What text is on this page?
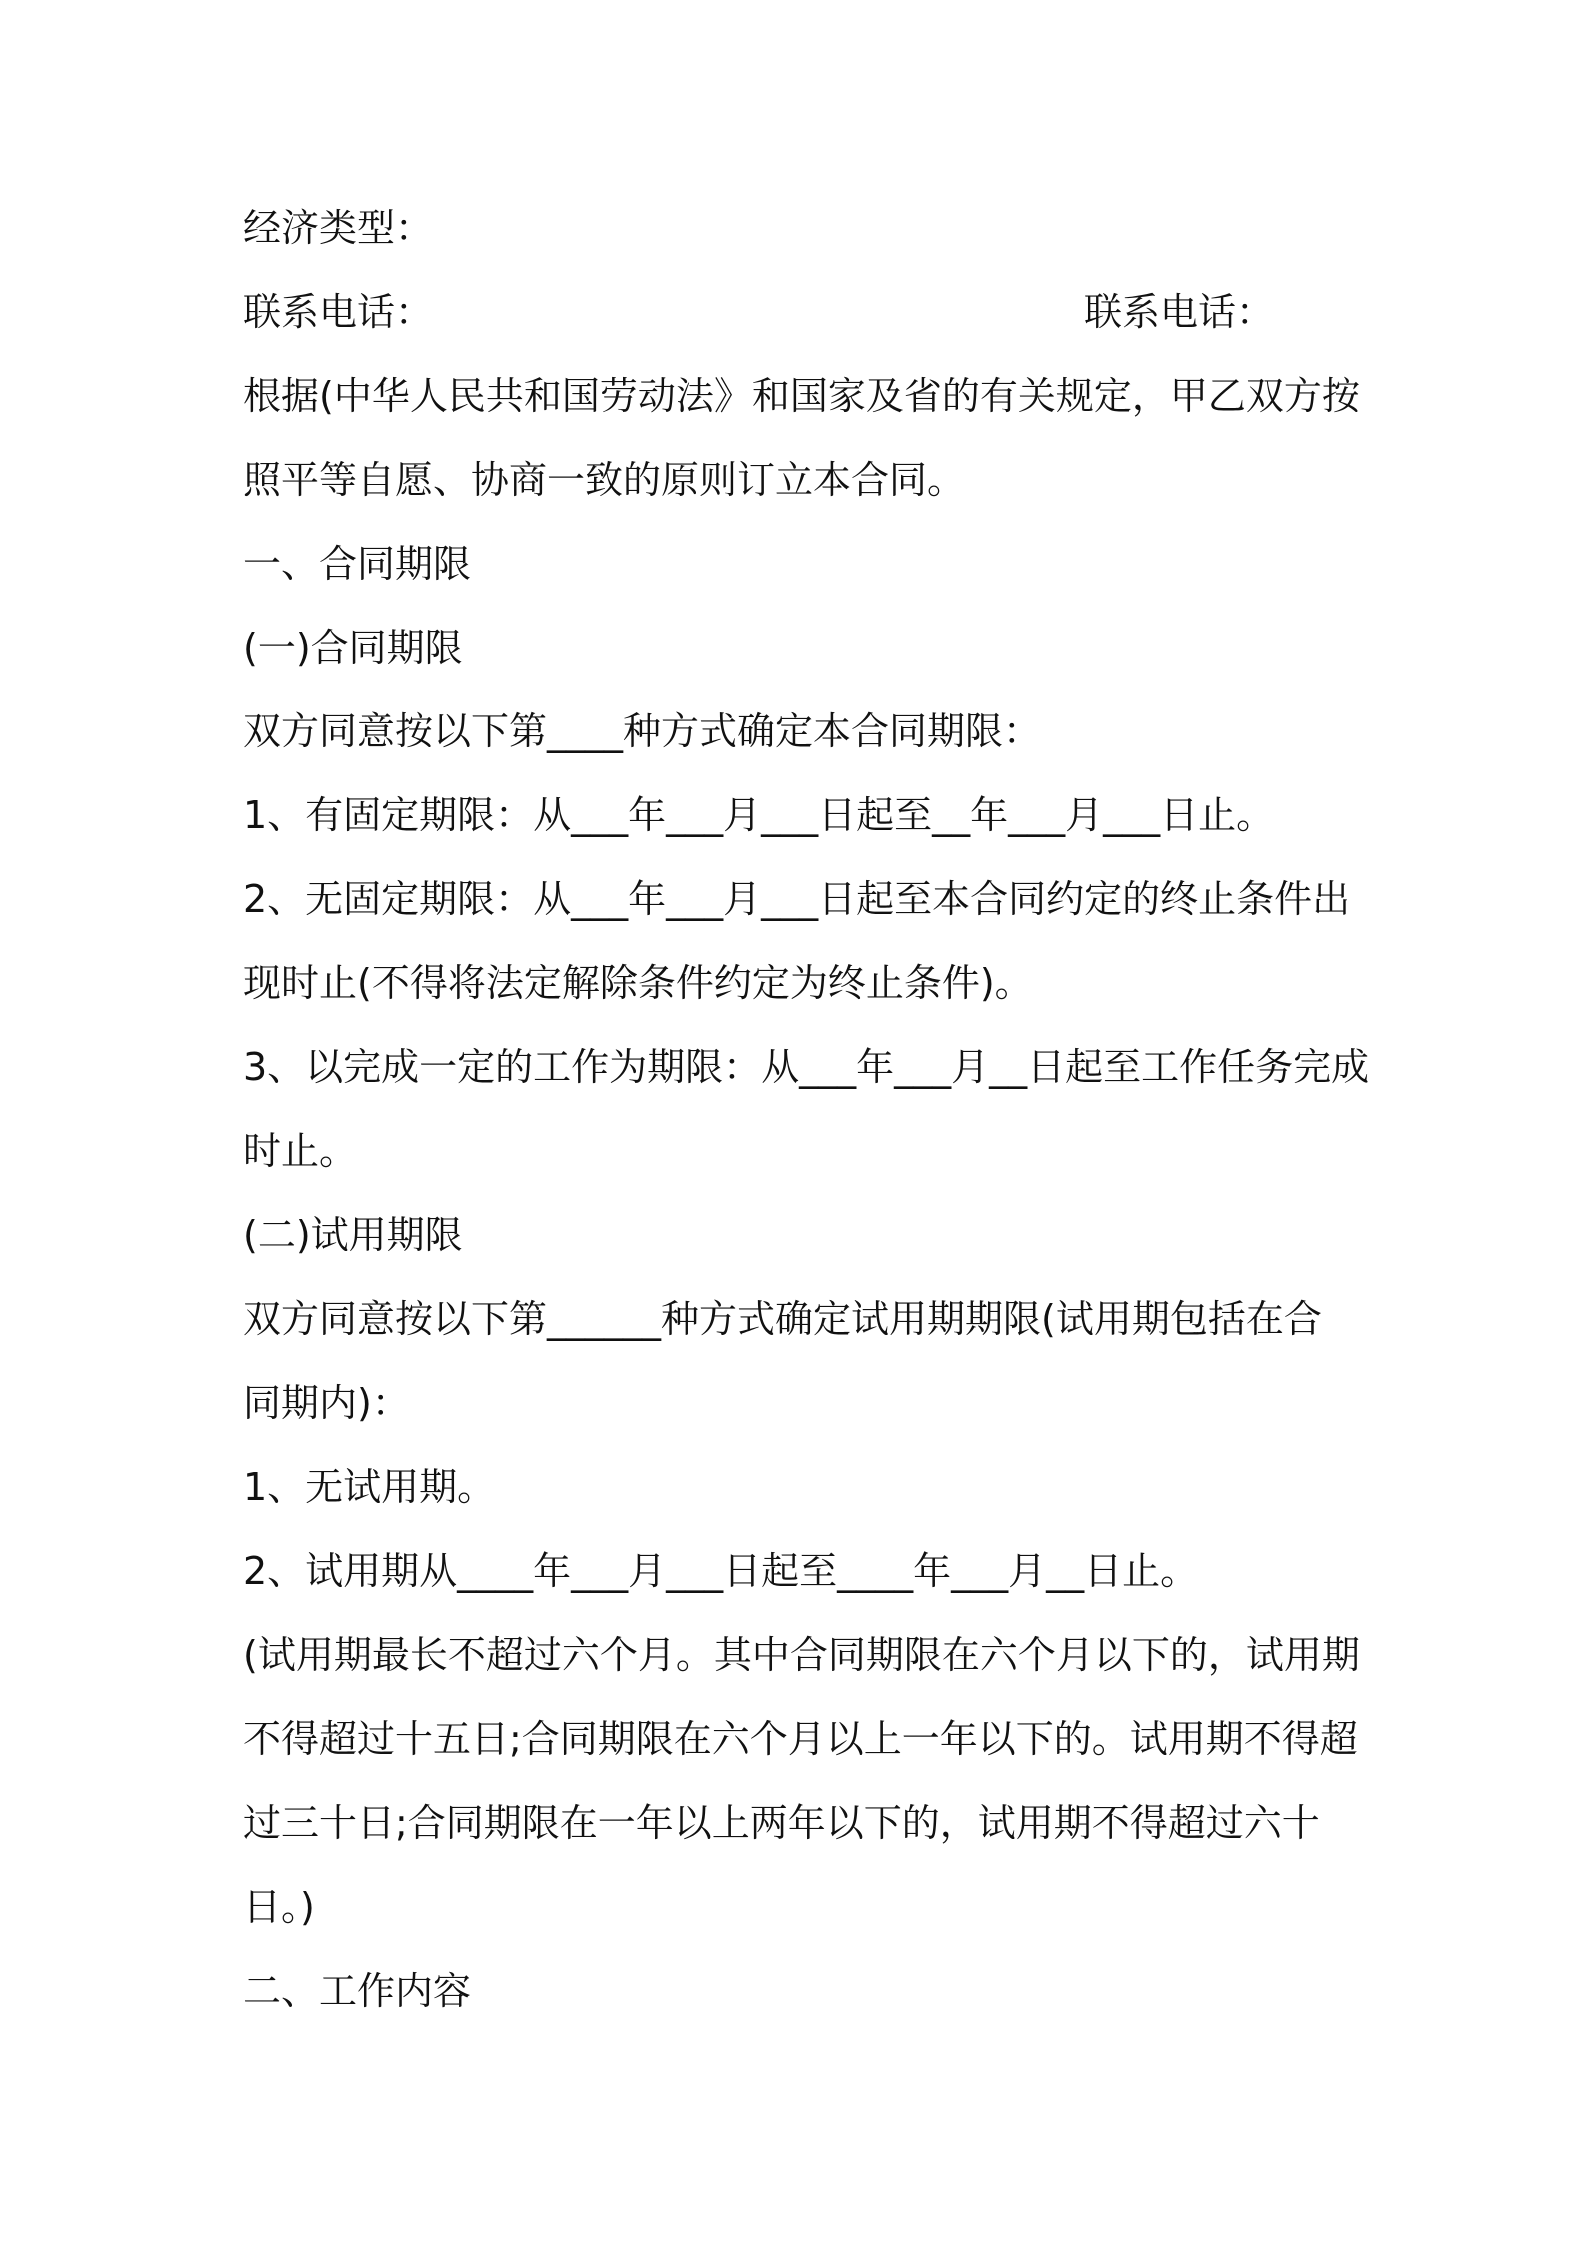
经济类型：
联系电话：	联系电话：
根据(中华人民共和国劳动法》和国家及省的有关规定，甲乙双方按
照平等自愿、协商一致的原则订立本合同。
一、合同期限
(一)合同期限
双方同意按以下第____种方式确定本合同期限：
1、有固定期限：从___年___月___日起至__年___月___日止。
2、无固定期限：从___年___月___日起至本合同约定的终止条件出
现时止(不得将法定解除条件约定为终止条件)。
3、以完成一定的工作为期限：从___年___月__日起至工作任务完成
时止。
(二)试用期限
双方同意按以下第______种方式确定试用期期限(试用期包括在合
同期内)：
1、无试用期。
2、试用期从____年___月___日起至____年___月__日止。
(试用期最长不超过六个月。其中合同期限在六个月以下的，试用期
不得超过十五日;合同期限在六个月以上一年以下的。试用期不得超
过三十日;合同期限在一年以上两年以下的，试用期不得超过六十
日。)
二、工作内容
